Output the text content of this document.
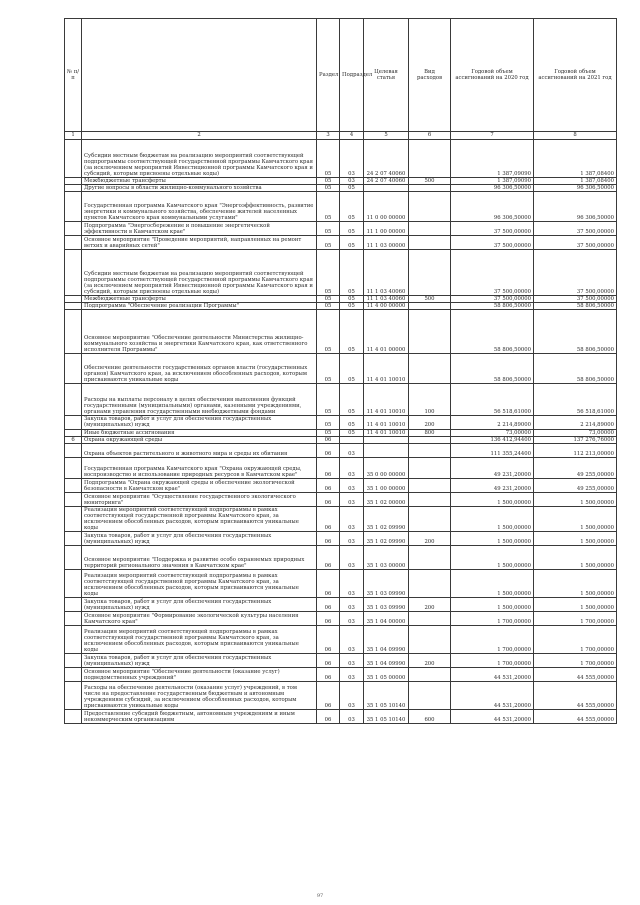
№ п/п		Раздел	Подраздел	Целевая статья	Вид расходов	Годовой объем ассигнований на 2020 год	Годовой объем ассигнований на 2021 год
1	2	3	4	5	6	7	8
	Субсидии местным бюджетам на реализацию мероприятий соответствующей подпрограммы соответствующей государственной программы Камчатского края (за исключением мероприятий Инвестиционной программы Камчатского края и субсидий, которым присвоены отдельные коды)	05	03	24 2 07 40060		1 387,09090	1 387,08400
	Межбюджетные трансферты	05	03	24 2 07 40060	500	1 387,09090	1 387,08400
	Другие вопросы в области жилищно-коммунального хозяйства	05	05			96 306,50000	96 306,50000
	Государственная программа Камчатского края "Энергоэффективность, развитие энергетики и коммунального хозяйства, обеспечение жителей населенных пунктов Камчатского края коммунальными услугами"	05	05	11 0 00 00000		96 306,50000	96 306,50000
	Подпрограмма "Энергосбережение и повышение энергетической эффективности в Камчатском крае"	05	05	11 1 00 00000		37 500,00000	37 500,00000
	Основное мероприятие "Проведение мероприятий, направленных на ремонт ветхих и аварийных сетей"	05	05	11 1 03 00000		37 500,00000	37 500,00000
	Субсидии местным бюджетам на реализацию мероприятий соответствующей подпрограммы соответствующей государственной программы Камчатского края (за исключением мероприятий Инвестиционной программы Камчатского края и субсидий, которым присвоены отдельные коды)	05	05	11 1 03 40060		37 500,00000	37 500,00000
	Межбюджетные трансферты	05	05	11 1 03 40060	500	37 500,00000	37 500,00000
	Подпрограмма "Обеспечение реализации Программы"	05	05	11 4 00 00000		58 806,50000	58 806,50000
	Основное мероприятие "Обеспечение деятельности Министерства жилищно-коммунального хозяйства и энергетики Камчатского края, как ответственного исполнителя Программы"	05	05	11 4 01 00000		58 806,50000	58 806,50000
	Обеспечение деятельности государственных органов власти (государственных органов) Камчатского края, за исключением обособленных расходов, которым присваиваются уникальные коды	05	05	11 4 01 10010		58 806,50000	58 806,50000
	Расходы на выплаты персоналу в целях обеспечения выполнения функций государственными (муниципальными) органами, казенными учреждениями, органами управления государственными внебюджетными фондами	05	05	11 4 01 10010	100	56 518,61000	56 518,61000
	Закупка товаров, работ и услуг для обеспечения государственных (муниципальных) нужд	05	05	11 4 01 10010	200	2 214,89000	2 214,89000
	Иные бюджетные ассигнования	05	05	11 4 01 10010	800	73,00000	73,00000
6	Охрана окружающей среды	06				136 412,94400	137 276,76000
	Охрана объектов растительного и животного мира и среды их обитания	06	03			111 355,24400	112 213,00000
	Государственная программа Камчатского края "Охрана окружающей среды, воспроизводство и использование природных ресурсов в Камчатском крае"	06	03	35 0 00 00000		49 231,20000	49 255,00000
	Подпрограмма "Охрана окружающей среды и обеспечение экологической безопасности в Камчатском крае"	06	03	35 1 00 00000		49 231,20000	49 255,00000
	Основное мероприятие "Осуществление государственного экологического мониторинга"	06	03	35 1 02 00000		1 500,00000	1 500,00000
	Реализация мероприятий соответствующей подпрограммы в рамках соответствующей государственной программы Камчатского края, за исключением обособленных расходов, которым присваиваются уникальные коды	06	03	35 1 02 09990		1 500,00000	1 500,00000
	Закупка товаров, работ и услуг для обеспечения государственных (муниципальных) нужд	06	03	35 1 02 09990	200	1 500,00000	1 500,00000
	Основное мероприятие "Поддержка и развитие особо охраняемых природных территорий регионального значения в Камчатском крае"	06	03	35 1 03 00000		1 500,00000	1 500,00000
	Реализация мероприятий соответствующей подпрограммы в рамках соответствующей государственной программы Камчатского края, за исключением обособленных расходов, которым присваиваются уникальные коды	06	03	35 1 03 09990		1 500,00000	1 500,00000
	Закупка товаров, работ и услуг для обеспечения государственных (муниципальных) нужд	06	03	35 1 03 09990	200	1 500,00000	1 500,00000
	Основное мероприятие "Формирование экологической культуры населения Камчатского края"	06	03	35 1 04 00000		1 700,00000	1 700,00000
	Реализация мероприятий соответствующей подпрограммы в рамках соответствующей государственной программы Камчатского края, за исключением обособленных расходов, которым присваиваются уникальные коды	06	03	35 1 04 09990		1 700,00000	1 700,00000
	Закупка товаров, работ и услуг для обеспечения государственных (муниципальных) нужд	06	03	35 1 04 09990	200	1 700,00000	1 700,00000
	Основное мероприятие "Обеспечение деятельности (оказание услуг) подведомственных учреждений"	06	03	35 1 05 00000		44 531,20000	44 555,00000
	Расходы на обеспечение деятельности (оказание услуг) учреждений, в том числе на предоставление государственным бюджетным и автономным учреждениям субсидий, за исключением обособленных расходов, которым присваиваются уникальные коды	06	03	35 1 05 10140		44 531,20000	44 555,00000
	Предоставление субсидий бюджетным, автономным учреждениям и иным некоммерческим организациям	06	03	35 1 05 10140	600	44 531,20000	44 555,00000
97
